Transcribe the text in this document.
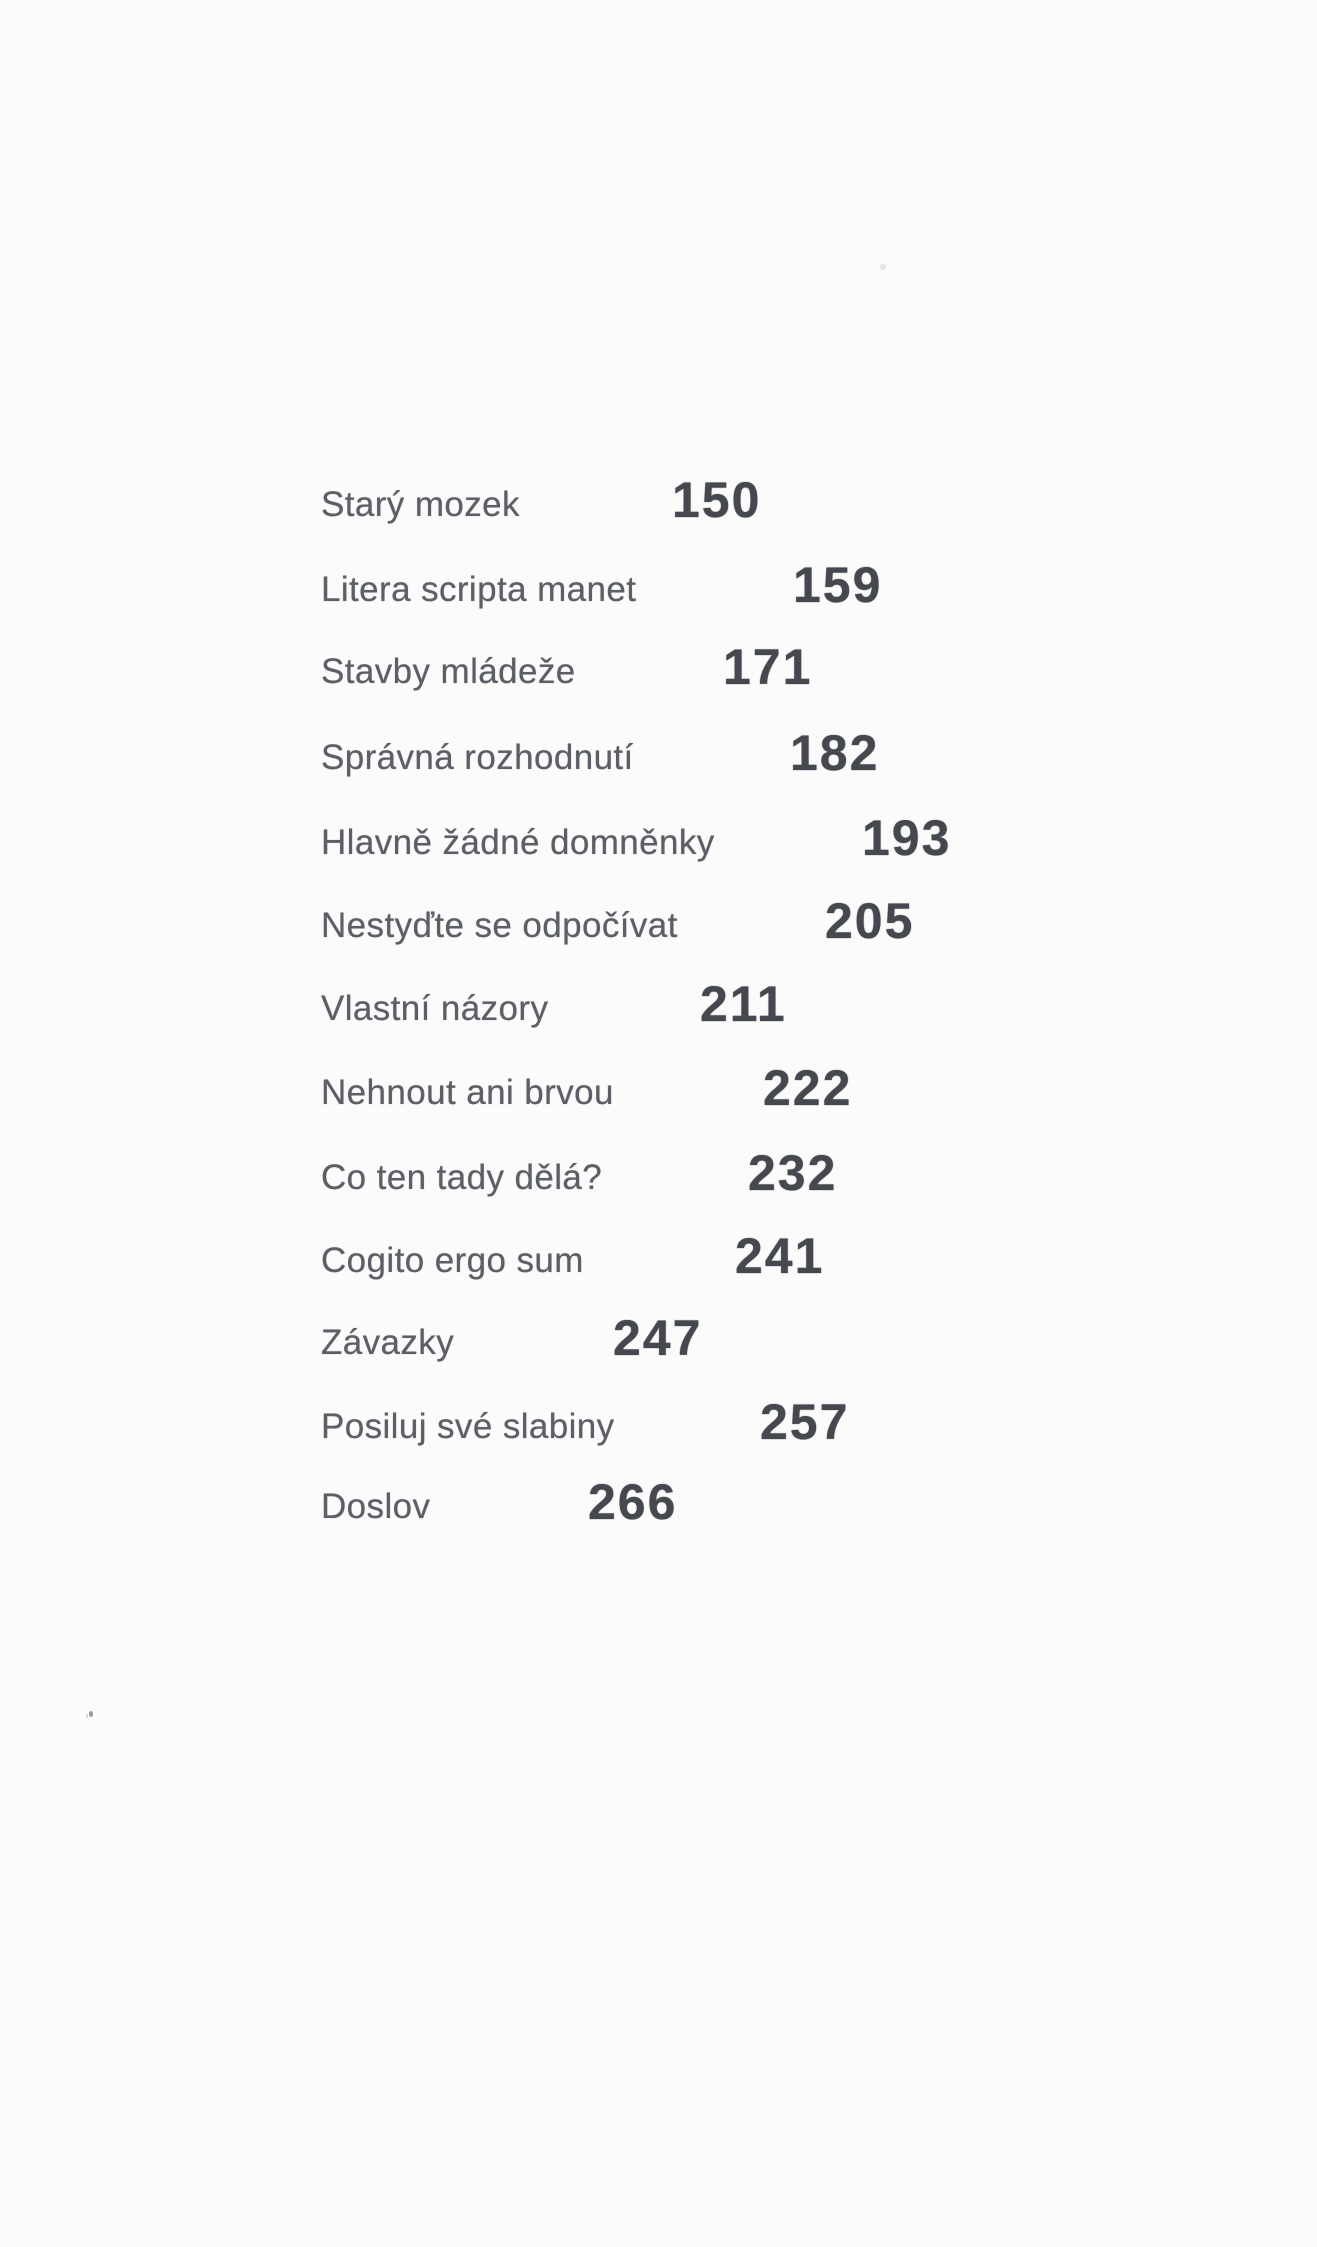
Starý mozek	150
Litera scripta manet	159
Stavby mládeže	171
Správná rozhodnutí	182
Hlavně žádné domněnky	193
Nestyďte se odpočívat	205
Vlastní názory	211
Nehnout ani brvou	222
Co ten tady dělá?	232
Cogito ergo sum	241
Závazky	247
Posiluj své slabiny	257
Doslov	266
